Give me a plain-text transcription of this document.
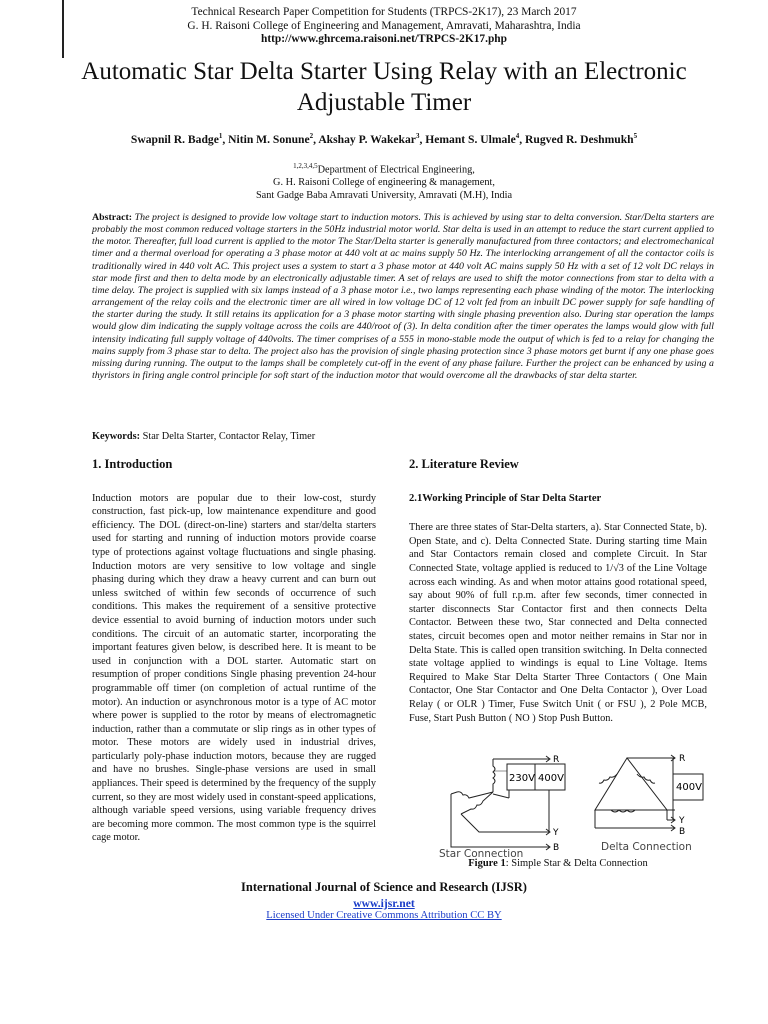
Technical Research Paper Competition for Students (TRPCS-2K17), 23 March 2017
G. H. Raisoni College of Engineering and Management, Amravati, Maharashtra, India
http://www.ghrcema.raisoni.net/TRPCS-2K17.php
Automatic Star Delta Starter Using Relay with an Electronic Adjustable Timer
Swapnil R. Badge$^1$, Nitin M. Sonune$^2$, Akshay P. Wakekar$^3$, Hemant S. Ulmale$^4$, Rugved R. Deshmukh$^5$
$^{1,2,3,4,5}$Department of Electrical Engineering,
G. H. Raisoni College of engineering & management,
Sant Gadge Baba Amravati University, Amravati (M.H), India
Abstract: The project is designed to provide low voltage start to induction motors. This is achieved by using star to delta conversion. Star/Delta starters are probably the most common reduced voltage starters in the 50Hz industrial motor world. Star delta is used in an attempt to reduce the start current applied to the motor. Thereafter, full load current is applied to the motor The Star/Delta starter is generally manufactured from three contactors; and electromechanical timer and a thermal overload for operating a 3 phase motor at 440 volt at ac mains supply 50 Hz. The interlocking arrangement of all the contactor coils is traditionally wired in 440 volt AC. This project uses a system to start a 3 phase motor at 440 volt AC mains supply 50 Hz with a set of 12 volt DC relays in star mode first and then to delta mode by an electronically adjustable timer. A set of relays are used to shift the motor connections from star to delta with a time delay. The project is supplied with six lamps instead of a 3 phase motor i.e., two lamps representing each phase winding of the motor. The interlocking arrangement of the relay coils and the electronic timer are all wired in low voltage DC of 12 volt fed from an inbuilt DC power supply for safe handling of the starter during the study. It still retains its application for a 3 phase motor starting with single phasing prevention also. During star operation the lamps would glow dim indicating the supply voltage across the coils are 440/root of (3). In delta condition after the timer operates the lamps would glow with full intensity indicating full supply voltage of 440volts. The timer comprises of a 555 in mono-stable mode the output of which is fed to a relay for changing the mains supply from 3 phase star to delta. The project also has the provision of single phasing protection since 3 phase motors get burnt if any one phase goes missing during running. The output to the lamps shall be completely cut-off in the event of any phase failure. Further the project can be enhanced by using a thyristors in firing angle control principle for soft start of the induction motor that would overcome all the drawbacks of star delta starter.
Keywords: Star Delta Starter, Contactor Relay, Timer
1. Introduction

Induction motors are popular due to their low-cost, sturdy construction, fast pick-up, low maintenance expenditure and good efficiency. The DOL (direct-on-line) starters and star/delta starters used for starting and running of induction motors provide coarse type of protections against voltage fluctuations and single phasing. Induction motors are very sensitive to low voltage and single phasing during which they draw a heavy current and can burn out unless switched of within few seconds of occurrence of such conditions. This makes the requirement of a sensitive protective device essential to avoid burning of induction motors under such conditions. The circuit of an automatic starter, incorporating the important features given below, is described here. It is meant to be used in conjunction with a DOL starter. Automatic start on resumption of proper conditions Single phasing prevention 24-hour programmable off timer (on completion of actual runtime of the motor). An induction or asynchronous motor is a type of AC motor where power is supplied to the rotor by means of electromagnetic induction, rather than a commutate or slip rings as in other types of motor. These motors are widely used in industrial drives, particularly poly-phase induction motors, because they are rugged and have no brushes. Single-phase versions are used in small appliances. Their speed is determined by the frequency of the supply current, so they are most widely used in constant-speed applications, although variable speed versions, using variable frequency drives are becoming more common. The most common type is the squirrel cage motor.

2. Literature Review
2.1Working Principle of Star Delta Starter

There are three states of Star-Delta starters, a). Star Connected State, b). Open State, and c). Delta Connected State. During starting time Main and Star Contactors remain closed and complete Circuit. In Star Connected State, voltage applied is reduced to 1/√3 of the Line Voltage across each winding. As and when motor attains good rotational speed, say about 90% of full r.p.m. after few seconds, timer connected in starter disconnects Star Contactor first and then connects Delta Contactor. Between these two, Star connected and Delta connected states, circuit becomes open and motor neither remains in Star nor in Delta State. This is called open transition switching. In Delta connected state voltage applied to windings is equal to Line Voltage. Items Required to Make Star Delta Starter Three Contactors ( One Main Contactor, One Star Contactor and One Delta Contactor ), Over Load Relay ( or OLR ) Timer, Fuse Switch Unit ( or FSU ), 2 Pole MCB, Fuse, Start Push Button ( NO ) Stop Push Button.

230V 400V
R
Y
B
Star Connection
400V
R
Y
B
Delta Connection
Figure 1: Simple Star & Delta Connection
International Journal of Science and Research (IJSR)
www.ijsr.net
Licensed Under Creative Commons Attribution CC BY
